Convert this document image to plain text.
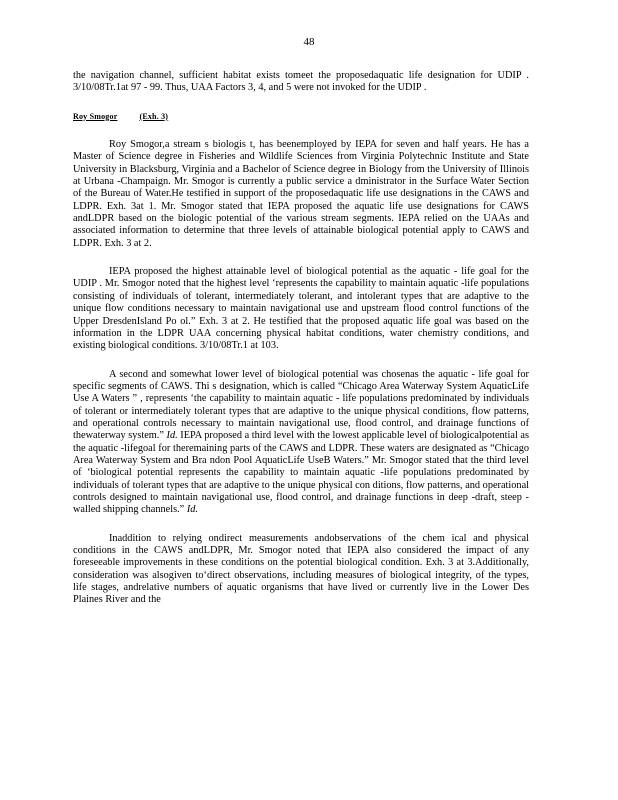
48

the navigation channel, sufficient habitat exists tomeet the proposedaquatic life designation for UDIP . 3/10/08Tr.1at 97 - 99. Thus, UAA Factors 3, 4, and 5 were not invoked for the UDIP .

Roy Smogor	(Exh. 3)

Roy Smogor,a stream s biologis t, has beenemployed by IEPA for seven and half years. He has a Master of Science degree in Fisheries and Wildlife Sciences from Virginia Polytechnic Institute and State University in Blacksburg, Virginia and a Bachelor of Science degree in Biology from the University of Illinois at Urbana -Champaign. Mr. Smogor is currently a public service a dministrator in the Surface Water Section of the Bureau of Water.He testified in support of the proposedaquatic life use designations in the CAWS and LDPR. Exh. 3at 1. Mr. Smogor stated that IEPA proposed the aquatic life use designations for CAWS andLDPR based on the biologic potential of the various stream segments. IEPA relied on the UAAs and associated information to determine that three levels of attainable biological potential apply to CAWS and LDPR. Exh. 3 at 2.

IEPA proposed the highest attainable level of biological potential as the aquatic - life goal for the UDIP . Mr. Smogor noted that the highest level ‘represents the capability to maintain aquatic -life populations consisting of individuals of tolerant, intermediately tolerant, and intolerant types that are adaptive to the unique flow conditions necessary to maintain navigational use and upstream flood control functions of the Upper DresdenIsland Po ol.” Exh. 3 at 2. He testified that the proposed aquatic life goal was based on the information in the LDPR UAA concerning physical habitat conditions, water chemistry conditions, and existing biological conditions. 3/10/08Tr.1 at 103.

A second and somewhat lower level of biological potential was chosenas the aquatic - life goal for specific segments of CAWS. Thi s designation, which is called “Chicago Area Waterway System AquaticLife Use A Waters ” , represents ‘the capability to maintain aquatic - life populations predominated by individuals of tolerant or intermediately tolerant types that are adaptive to the unique physical conditions, flow patterns, and operational controls necessary to maintain navigational use, flood control, and drainage functions of thewaterway system.” Id. IEPA proposed a third level with the lowest applicable level of biologicalpotential as the aquatic -lifegoal for theremaining parts of the CAWS and LDPR. These waters are designated as “Chicago Area Waterway System and Bra ndon Pool AquaticLife UseB Waters.” Mr. Smogor stated that the third level of ‘biological potential represents the capability to maintain aquatic -life populations predominated by individuals of tolerant types that are adaptive to the unique physical con ditions, flow patterns, and operational controls designed to maintain navigational use, flood control, and drainage functions in deep -draft, steep -walled shipping channels.” Id.

Inaddition to relying ondirect measurements andobservations of the chem ical and physical conditions in the CAWS andLDPR, Mr. Smogor noted that IEPA also considered the impact of any foreseeable improvements in these conditions on the potential biological condition. Exh. 3 at 3.Additionally, consideration was alsogiven to‘direct observations, including measures of biological integrity, of the types, life stages, andrelative numbers of aquatic organisms that have lived or currently live in the Lower Des Plaines River and the
